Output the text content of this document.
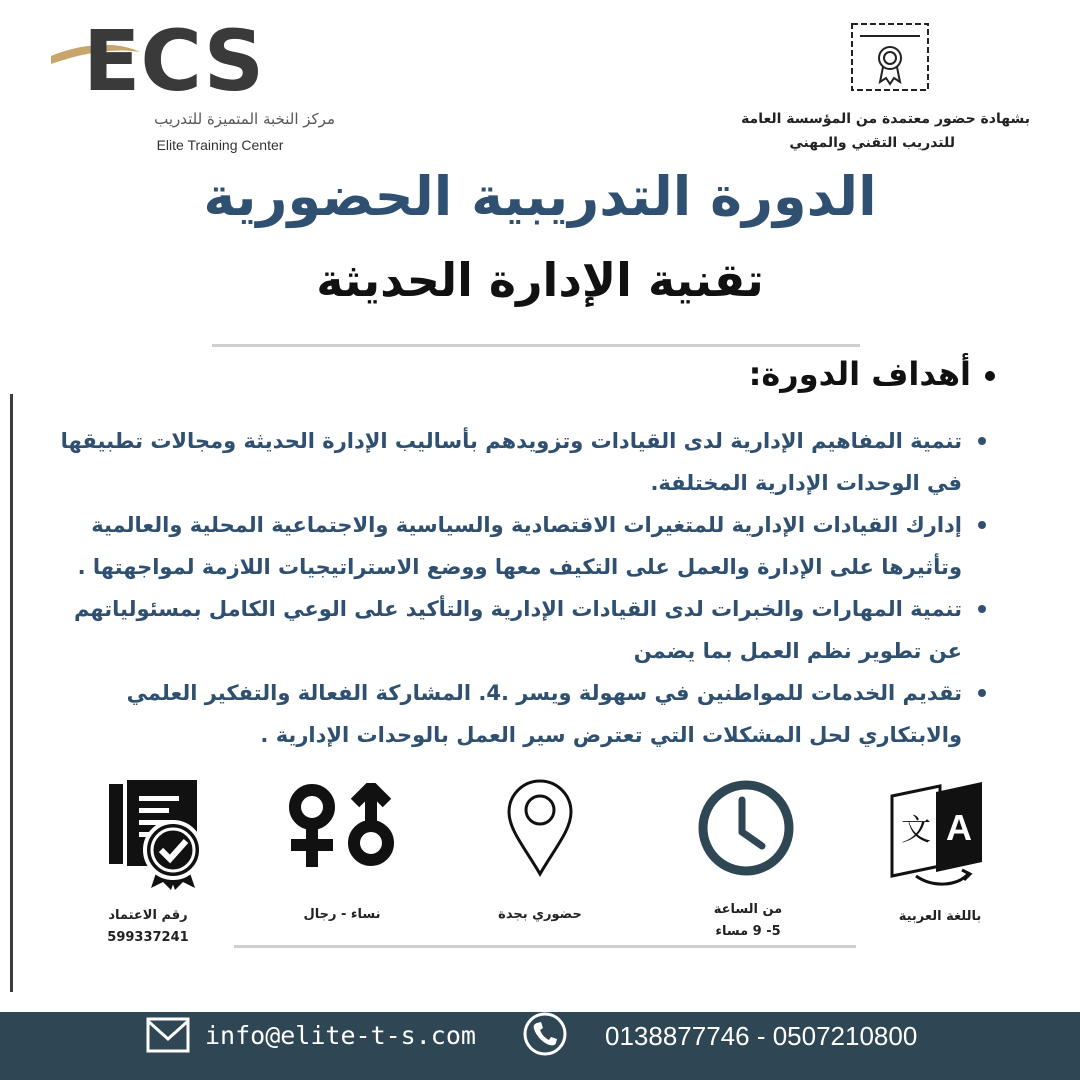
ECS
مركز النخبة المتميزة للتدريب
Elite Training Center
بشهادة حضور معتمدة من المؤسسة العامة
للتدريب التقني والمهني
الدورة التدريبية الحضورية
تقنية الإدارة الحديثة
أهداف الدورة:
تنمية المفاهيم الإدارية لدى القيادات وتزويدهم بأساليب الإدارة الحديثة ومجالات تطبيقها في الوحدات الإدارية المختلفة.
إدارك القيادات الإدارية للمتغيرات الاقتصادية والسياسية والاجتماعية المحلية والعالمية وتأثيرها على الإدارة والعمل على التكيف معها ووضع الاستراتيجيات اللازمة لمواجهتها .
تنمية المهارات والخبرات لدى القيادات الإدارية والتأكيد على الوعي الكامل بمسئولياتهم عن تطوير نظم العمل بما يضمن
تقديم الخدمات للمواطنين في سهولة ويسر .4. المشاركة الفعالة والتفكير العلمي والابتكاري لحل المشكلات التي تعترض سير العمل بالوحدات الإدارية .
A
文
باللغة العربية
من الساعة
5- 9 مساء
حضوري بجدة
نساء - رجال
رقم الاعتماد
599337241
info@elite-t-s.com	0138877746 - 0507210800
